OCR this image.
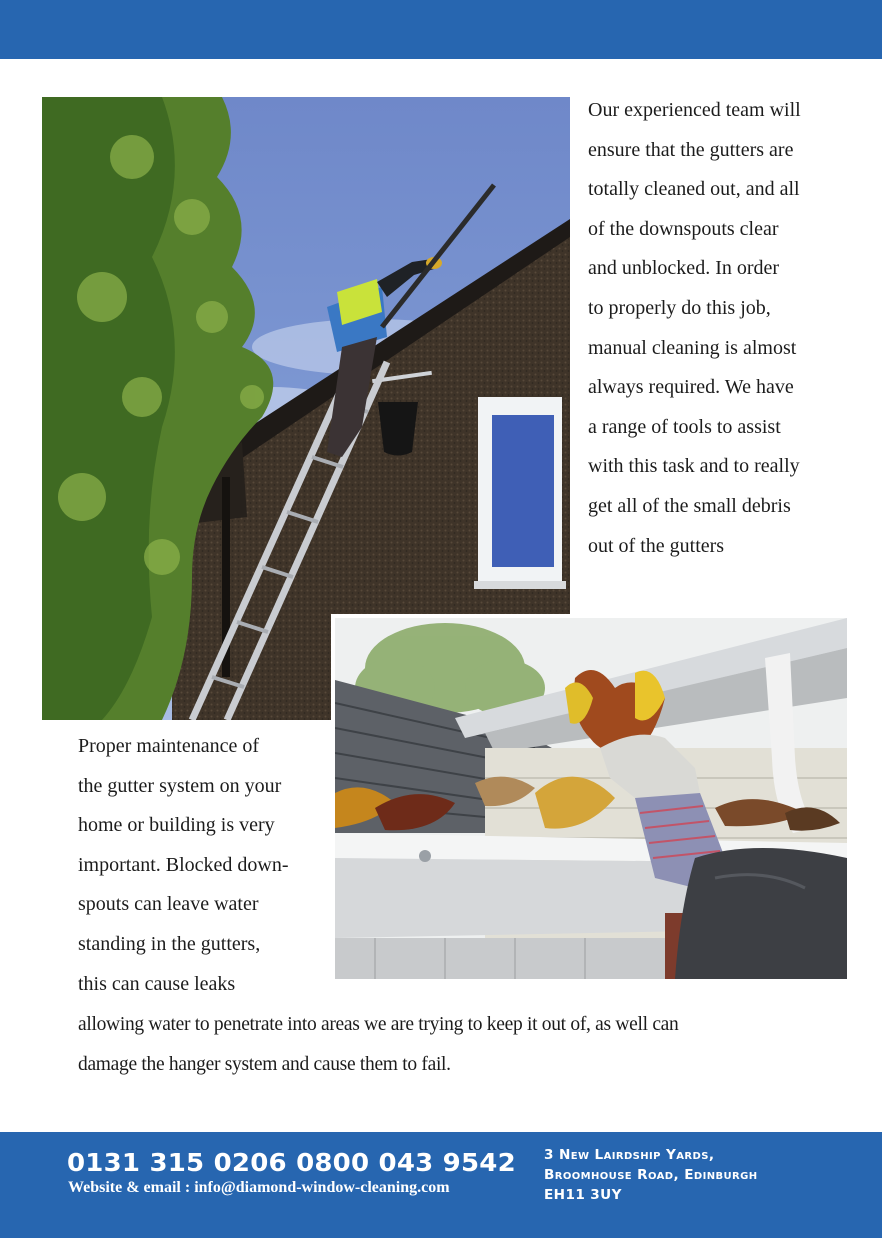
Our experienced team will
ensure that the gutters are
totally cleaned out, and all
of the downspouts clear
and unblocked. In order
to properly do this job,
manual cleaning is almost
always required. We have
a range of tools to assist
with this task and to really
get all of the small debris
out of the gutters
Proper maintenance of
the gutter system on your
home or building is very
important. Blocked down-
spouts can leave water
standing in the gutters,
this can cause leaks
allowing water to penetrate into areas we are trying to keep it out of, as well can
damage the hanger system and cause them to fail.
0131 315 0206 0800 043 9542
Website & email : info@diamond-window-cleaning.com
3 New Lairdship Yards,
Broomhouse Road, Edinburgh
EH11 3UY
